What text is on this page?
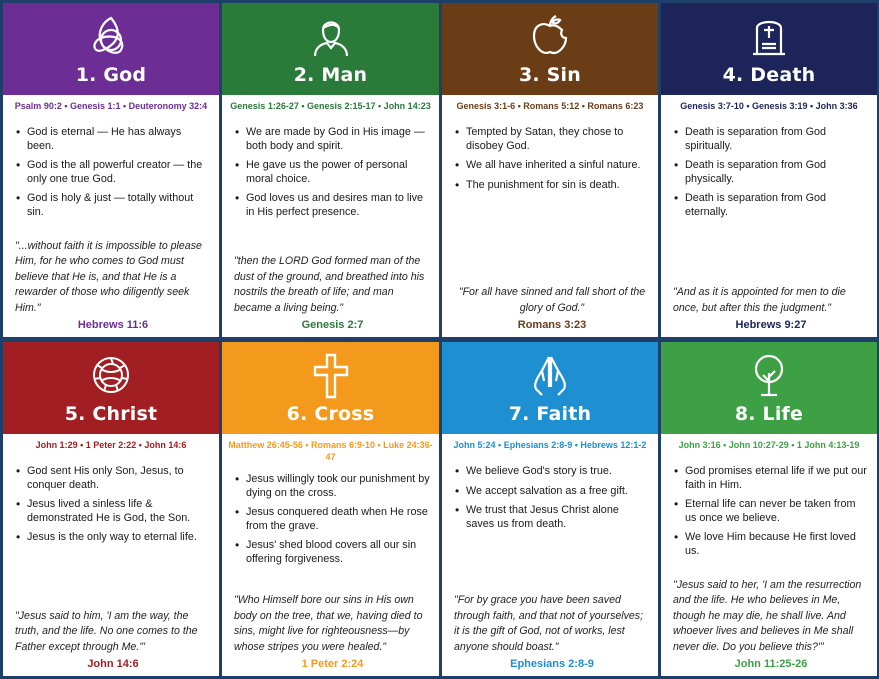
1. God
Psalm 90:2 • Genesis 1:1 • Deuteronomy 32:4
• God is eternal — He has always been.
• God is the all powerful creator — the only one true God.
• God is holy & just — totally without sin.
"...without faith it is impossible to please Him, for he who comes to God must believe that He is, and that He is a rewarder of those who diligently seek Him."
Hebrews 11:6
2. Man
Genesis 1:26-27 • Genesis 2:15-17 • John 14:23
• We are made by God in His image — both body and spirit.
• He gave us the power of personal moral choice.
• God loves us and desires man to live in His perfect presence.
"then the LORD God formed man of the dust of the ground, and breathed into his nostrils the breath of life; and man became a living being."
Genesis 2:7
3. Sin
Genesis 3:1-6 • Romans 5:12 • Romans 6:23
• Tempted by Satan, they chose to disobey God.
• We all have inherited a sinful nature.
• The punishment for sin is death.
"For all have sinned and fall short of the glory of God."
Romans 3:23
4. Death
Genesis 3:7-10 • Genesis 3:19 • John 3:36
• Death is separation from God spiritually.
• Death is separation from God physically.
• Death is separation from God eternally.
"And as it is appointed for men to die once, but after this the judgment."
Hebrews 9:27
5. Christ
John 1:29 • 1 Peter 2:22 • John 14:6
• God sent His only Son, Jesus, to conquer death.
• Jesus lived a sinless life & demonstrated He is God, the Son.
• Jesus is the only way to eternal life.
"Jesus said to him, 'I am the way, the truth, and the life. No one comes to the Father except through Me.'"
John 14:6
6. Cross
Matthew 26:45-56 • Romans 6:9-10 • Luke 24:36-47
• Jesus willingly took our punishment by dying on the cross.
• Jesus conquered death when He rose from the grave.
• Jesus' shed blood covers all our sin offering forgiveness.
"Who Himself bore our sins in His own body on the tree, that we, having died to sins, might live for righteousness—by whose stripes you were healed."
1 Peter 2:24
7. Faith
John 5:24 • Ephesians 2:8-9 • Hebrews 12:1-2
• We believe God's story is true.
• We accept salvation as a free gift.
• We trust that Jesus Christ alone saves us from death.
"For by grace you have been saved through faith, and that not of yourselves; it is the gift of God, not of works, lest anyone should boast."
Ephesians 2:8-9
8. Life
John 3:16 • John 10:27-29 • 1 John 4:13-19
• God promises eternal life if we put our faith in Him.
• Eternal life can never be taken from us once we believe.
• We love Him because He first loved us.
"Jesus said to her, 'I am the resurrection and the life. He who believes in Me, though he may die, he shall live. And whoever lives and believes in Me shall never die. Do you believe this?'"
John 11:25-26
